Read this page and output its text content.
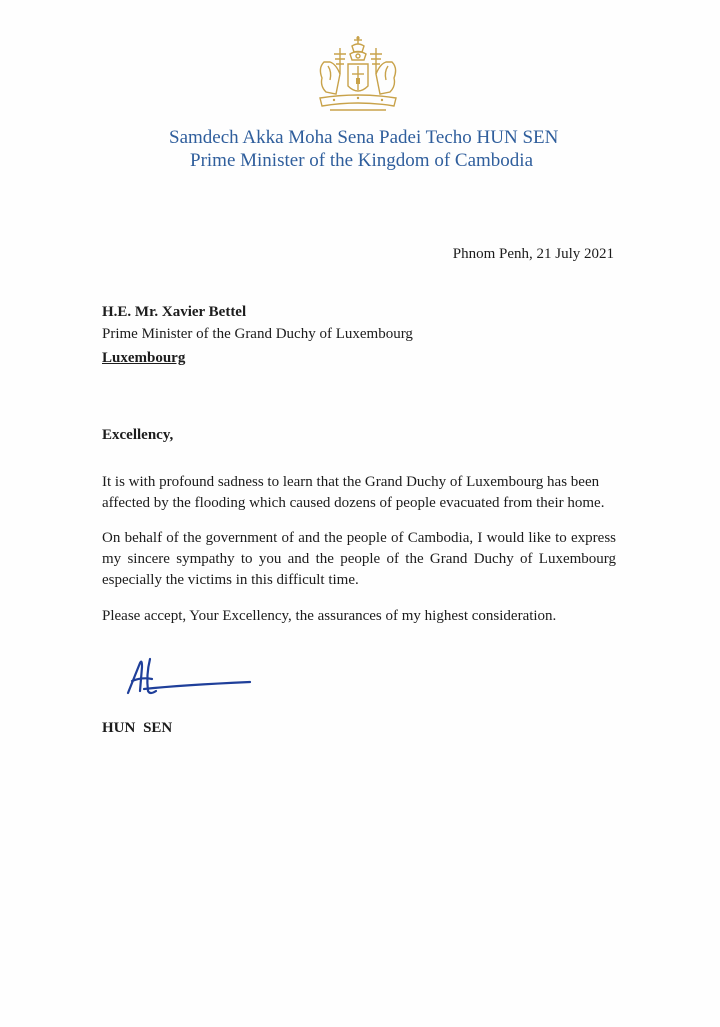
Samdech Akka Moha Sena Padei Techo HUN SEN
Prime Minister of the Kingdom of Cambodia
Phnom Penh, 21 July 2021
H.E. Mr. Xavier Bettel
Prime Minister of the Grand Duchy of Luxembourg
Luxembourg
Excellency,
It is with profound sadness to learn that the Grand Duchy of Luxembourg has been affected by the flooding which caused dozens of people evacuated from their home.
On behalf of the government of and the people of Cambodia, I would like to express my sincere sympathy to you and the people of the Grand Duchy of Luxembourg especially the victims in this difficult time.
Please accept, Your Excellency, the assurances of my highest consideration.
HUN SEN
